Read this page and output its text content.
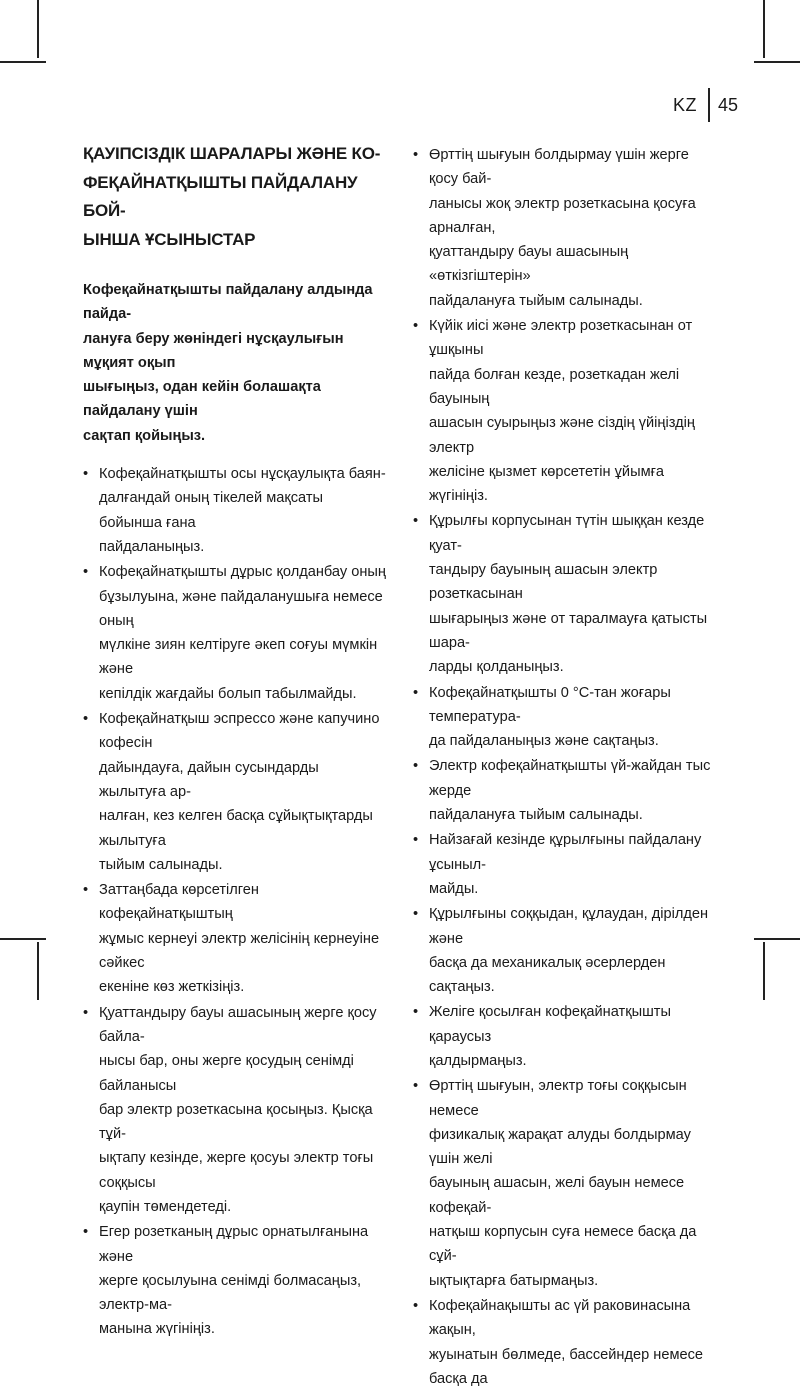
KZ 45
ҚАУІПСІЗДІК ШАРАЛАРЫ ЖӘНЕ КО-
ФЕҚАЙНАТҚЫШТЫ ПАЙДАЛАНУ БОЙ-
ЫНША ҰСЫНЫСТАР

Кофеқайнатқышты пайдалану алдында пайда-
лануға беру жөніндегі нұсқаулығын мұқият оқып
шығыңыз, одан кейін болашақта пайдалану үшін
сақтап қойыңыз.

• Кофеқайнатқышты осы нұсқаулықта баян-
далғандай оның тікелей мақсаты бойынша ғана
пайдаланыңыз.
• Кофеқайнатқышты дұрыс қолданбау оның
бұзылуына, және пайдаланушыға немесе оның
мүлкіне зиян келтіруге әкеп соғуы мүмкін және
кепілдік жағдайы болып табылмайды.
• Кофеқайнатқыш эспрессо және капучино кофесін
дайындауға, дайын сусындарды жылытуға ар-
налған, кез келген басқа сұйықтықтарды жылытуға
тыйым салынады.
• Заттаңбада көрсетілген кофеқайнатқыштың
жұмыс кернеуі электр желісінің кернеуіне сәйкес
екеніне көз жеткізіңіз.
• Қуаттандыру бауы ашасының жерге қосу байла-
нысы бар, оны жерге қосудың сенімді байланысы
бар электр розеткасына қосыңыз. Қысқа тұй-
ықтапу кезінде, жерге қосуы электр тоғы соққысы
қаупін төмендетеді.
• Егер розетканың дұрыс орнатылғанына және
жерге қосылуына сенімді болмасаңыз, электр-ма-
манына жүгініңіз.
• Өрттің шығуын болдырмау үшін жерге қосу бай-
ланысы жоқ электр розеткасына қосуға арналған,
қуаттандыру бауы ашасының «өткізгіштерін»
пайдалануға тыйым салынады.
• Күйік иісі және электр розеткасынан от ұшқыны
пайда болған кезде, розеткадан желі бауының
ашасын суырыңыз және сіздің үйіңіздің электр
желісіне қызмет көрсететін ұйымға жүгініңіз.
• Құрылғы корпусынан түтін шыққан кезде қуат-
тандыру бауының ашасын электр розеткасынан
шығарыңыз және от таралмауға қатысты шара-
ларды қолданыңыз.
• Кофеқайнатқышты 0 °С-тан жоғары температура-
да пайдаланыңыз және сақтаңыз.
• Электр кофеқайнатқышты үй-жайдан тыс жерде
пайдалануға тыйым салынады.
• Найзағай кезінде құрылғыны пайдалану ұсыныл-
майды.
• Құрылғыны соққыдан, құлаудан, дірілден және
басқа да механикалық әсерлерден сақтаңыз.
• Желіге қосылған кофеқайнатқышты қараусыз
қалдырмаңыз.
• Өрттің шығуын, электр тоғы соққысын немесе
физикалық жарақат алуды болдырмау үшін желі
бауының ашасын, желі бауын немесе кофеқай-
натқыш корпусын суға немесе басқа да сұй-
ықтықтарға батырмаңыз.
• Кофеқайнақышты ас үй раковинасына жақын,
жуынатын бөлмеде, бассейндер немесе басқа да
